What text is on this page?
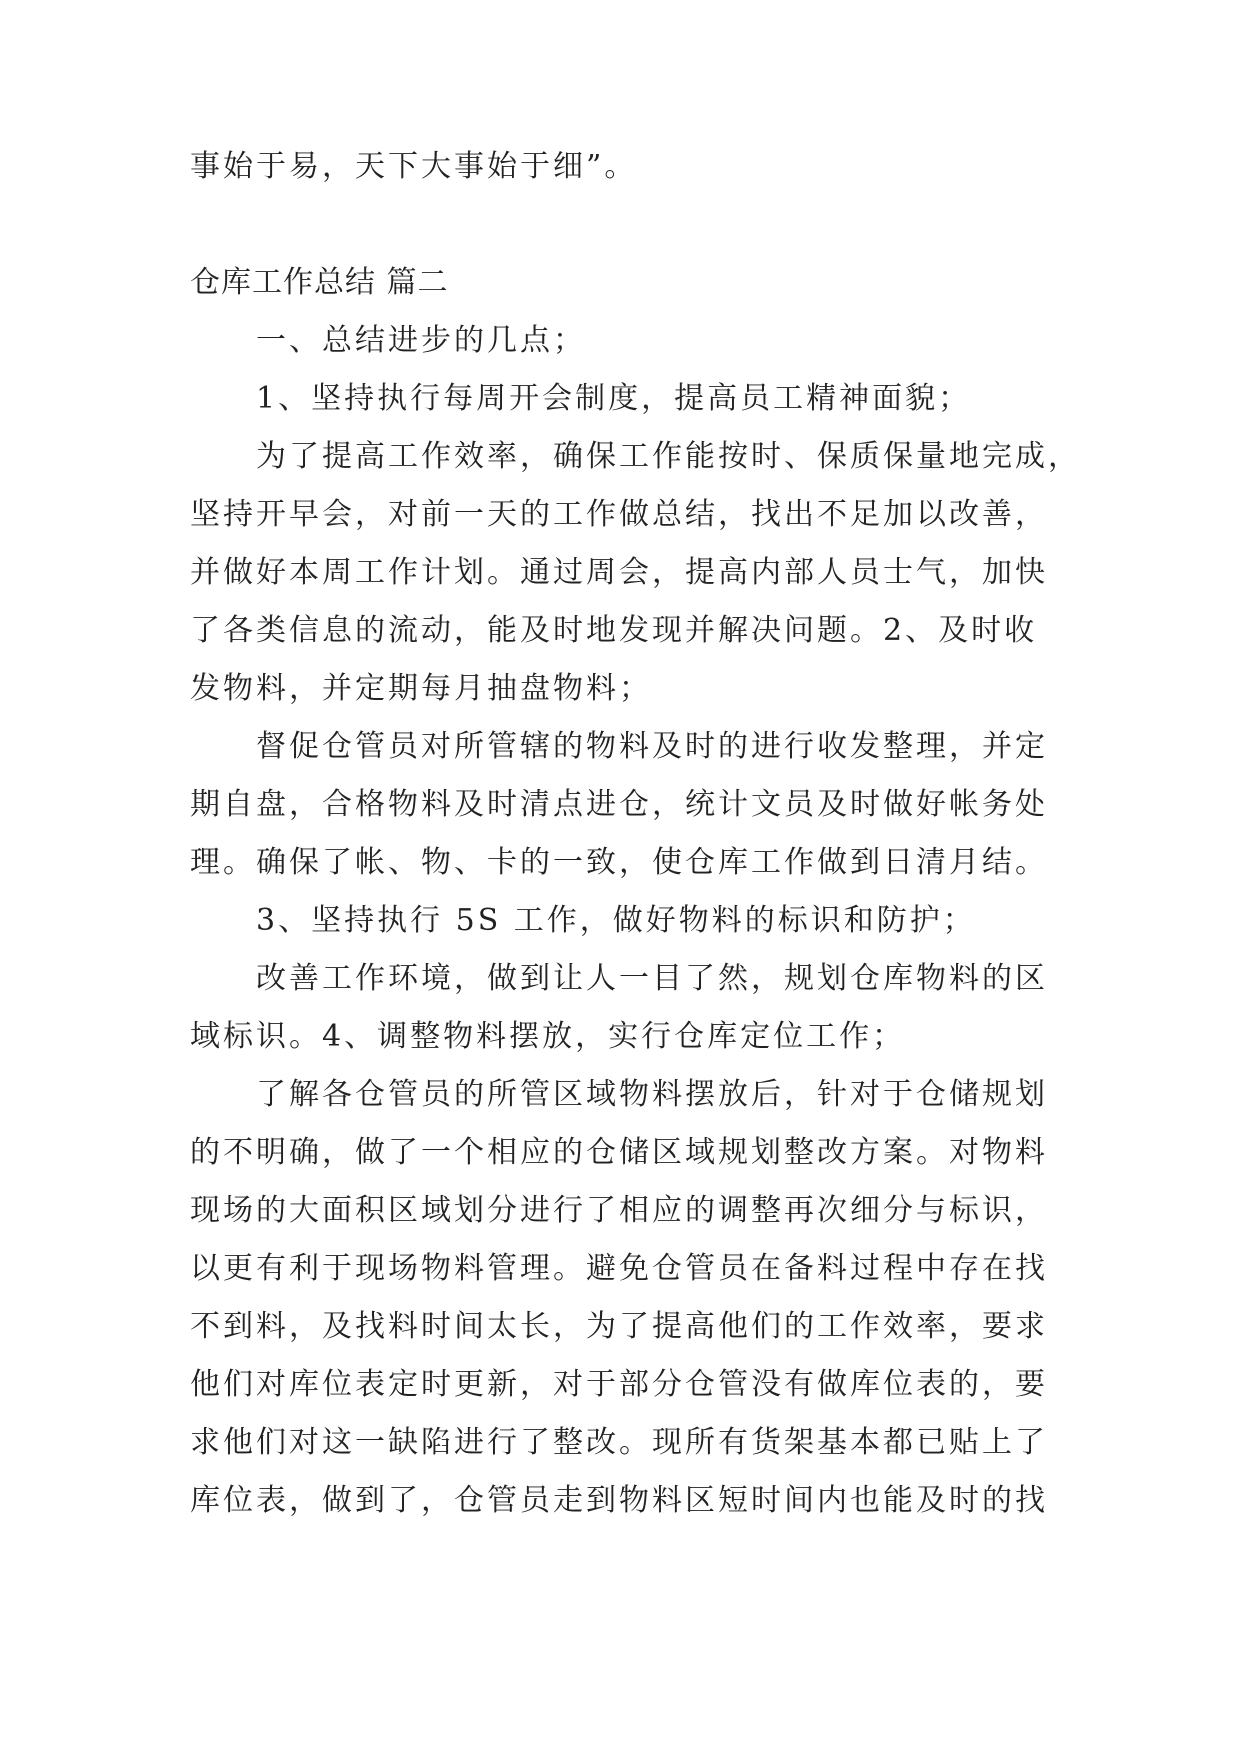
事始于易，天下大事始于细”。
仓库工作总结 篇二
一、总结进步的几点；
1、坚持执行每周开会制度，提高员工精神面貌；
为了提高工作效率，确保工作能按时、保质保量地完成，
坚持开早会，对前一天的工作做总结，找出不足加以改善，
并做好本周工作计划。通过周会，提高内部人员士气，加快
了各类信息的流动，能及时地发现并解决问题。2、及时收
发物料，并定期每月抽盘物料；
督促仓管员对所管辖的物料及时的进行收发整理，并定
期自盘，合格物料及时清点进仓，统计文员及时做好帐务处
理。确保了帐、物、卡的一致，使仓库工作做到日清月结。
3、坚持执行 5S 工作，做好物料的标识和防护；
改善工作环境，做到让人一目了然，规划仓库物料的区
域标识。4、调整物料摆放，实行仓库定位工作；
了解各仓管员的所管区域物料摆放后，针对于仓储规划
的不明确，做了一个相应的仓储区域规划整改方案。对物料
现场的大面积区域划分进行了相应的调整再次细分与标识，
以更有利于现场物料管理。避免仓管员在备料过程中存在找
不到料，及找料时间太长，为了提高他们的工作效率，要求
他们对库位表定时更新，对于部分仓管没有做库位表的，要
求他们对这一缺陷进行了整改。现所有货架基本都已贴上了
库位表，做到了，仓管员走到物料区短时间内也能及时的找
